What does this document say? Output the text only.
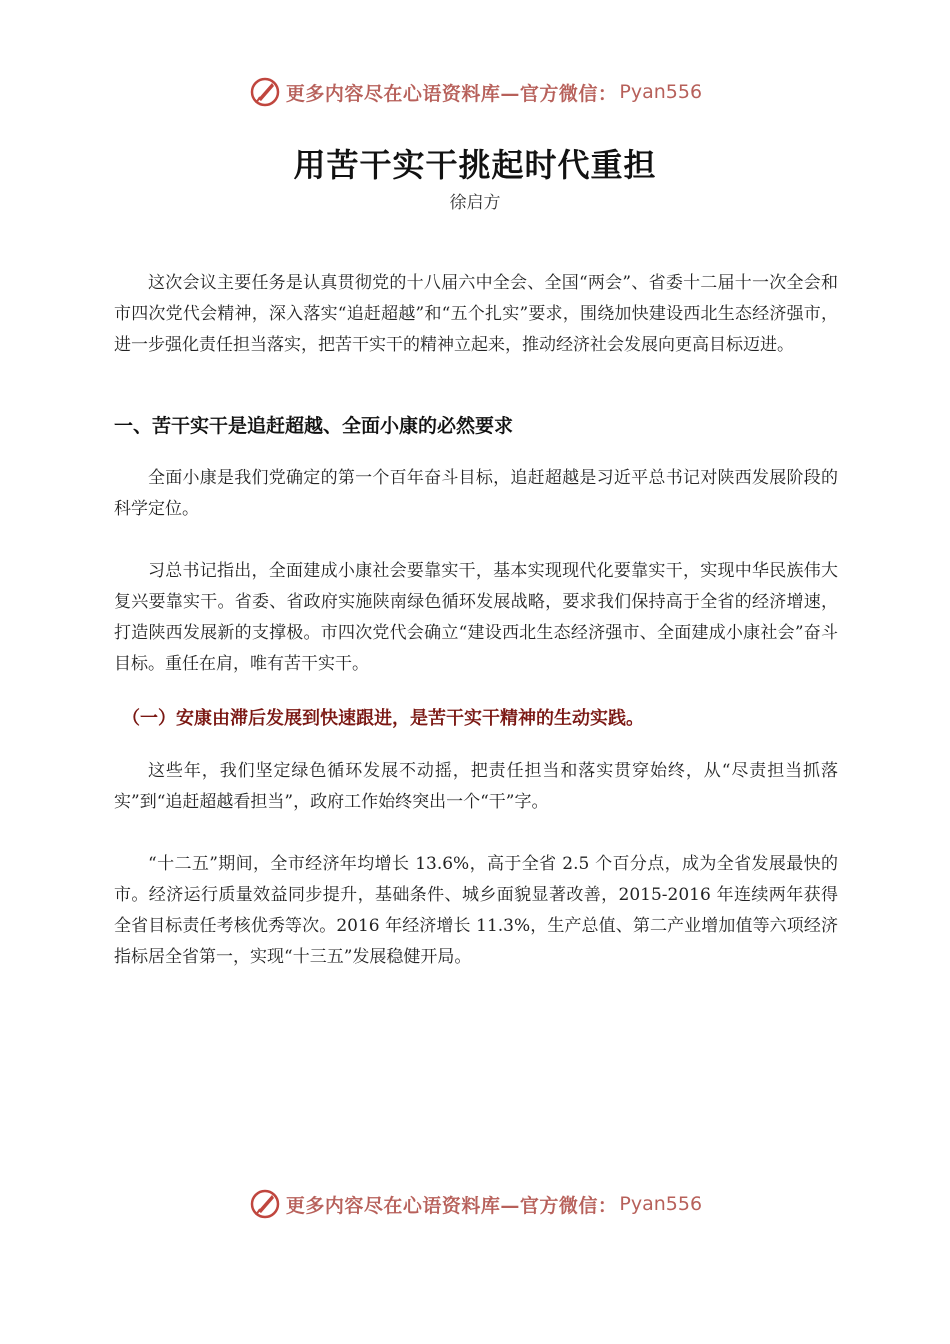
更多内容尽在心语资料库—官方微信： Pyan556
用苦干实干挑起时代重担
徐启方

这次会议主要任务是认真贯彻党的十八届六中全会、全国“两会”、省委十二届十一次全会和市四次党代会精神，深入落实“追赶超越”和“五个扎实”要求，围绕加快建设西北生态经济强市，进一步强化责任担当落实，把苦干实干的精神立起来，推动经济社会发展向更高目标迈进。

一、苦干实干是追赶超越、全面小康的必然要求

全面小康是我们党确定的第一个百年奋斗目标，追赶超越是习近平总书记对陕西发展阶段的科学定位。

习总书记指出，全面建成小康社会要靠实干，基本实现现代化要靠实干，实现中华民族伟大复兴要靠实干。省委、省政府实施陕南绿色循环发展战略，要求我们保持高于全省的经济增速，打造陕西发展新的支撑极。市四次党代会确立“建设西北生态经济强市、全面建成小康社会”奋斗目标。重任在肩，唯有苦干实干。

（一）安康由滞后发展到快速跟进，是苦干实干精神的生动实践。

这些年，我们坚定绿色循环发展不动摇，把责任担当和落实贯穿始终，从“尽责担当抓落实”到“追赶超越看担当”，政府工作始终突出一个“干”字。

“十二五”期间，全市经济年均增长 13.6%，高于全省 2.5 个百分点，成为全省发展最快的市。经济运行质量效益同步提升，基础条件、城乡面貌显著改善，2015-2016 年连续两年获得全省目标责任考核优秀等次。2016 年经济增长 11.3%，生产总值、第二产业增加值等六项经济指标居全省第一，实现“十三五”发展稳健开局。

更多内容尽在心语资料库—官方微信： Pyan556
